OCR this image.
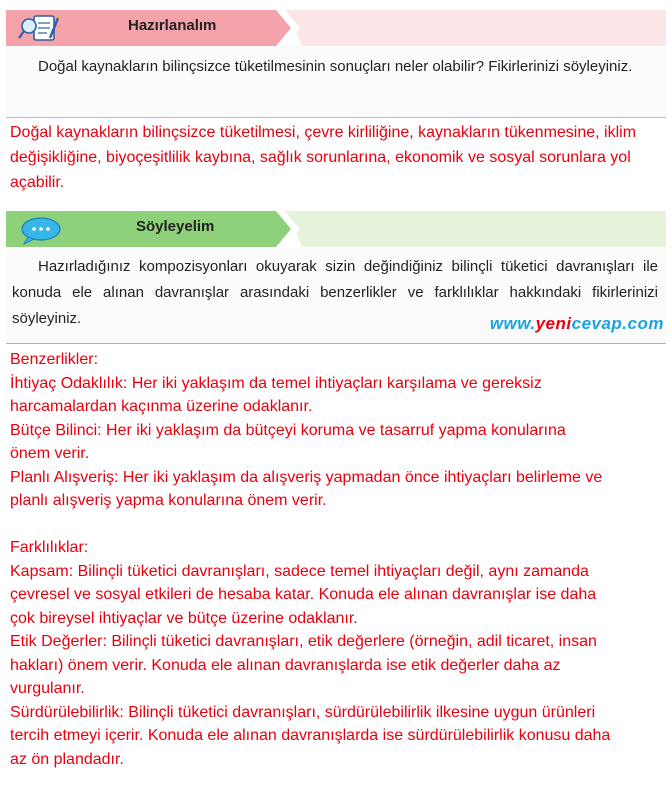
Hazırlanalım

Doğal kaynakların bilinçsizce tüketilmesinin sonuçları neler olabilir? Fikirlerinizi söyleyiniz.

Doğal kaynakların bilinçsizce tüketilmesi, çevre kirliliğine, kaynakların tükenmesine, iklim değişikliğine, biyoçeşitlilik kaybına, sağlık sorunlarına, ekonomik ve sosyal sorunlara yol açabilir.

Söyleyelim

Hazırladığınız kompozisyonları okuyarak sizin değindiğiniz bilinçli tüketici davranışları ile konuda ele alınan davranışlar arasındaki benzerlikler ve farklılıklar hakkındaki fikirlerinizi söyleyiniz.	www.yenicevap.com
Benzerlikler:
İhtiyaç Odaklılık: Her iki yaklaşım da temel ihtiyaçları karşılama ve gereksiz
harcamalardan kaçınma üzerine odaklanır.
Bütçe Bilinci: Her iki yaklaşım da bütçeyi koruma ve tasarruf yapma konularına
önem verir.
Planlı Alışveriş: Her iki yaklaşım da alışveriş yapmadan önce ihtiyaçları belirleme ve
planlı alışveriş yapma konularına önem verir.

Farklılıklar:
Kapsam: Bilinçli tüketici davranışları, sadece temel ihtiyaçları değil, aynı zamanda
çevresel ve sosyal etkileri de hesaba katar. Konuda ele alınan davranışlar ise daha
çok bireysel ihtiyaçlar ve bütçe üzerine odaklanır.
Etik Değerler: Bilinçli tüketici davranışları, etik değerlere (örneğin, adil ticaret, insan
hakları) önem verir. Konuda ele alınan davranışlarda ise etik değerler daha az
vurgulanır.
Sürdürülebilirlik: Bilinçli tüketici davranışları, sürdürülebilirlik ilkesine uygun ürünleri
tercih etmeyi içerir. Konuda ele alınan davranışlarda ise sürdürülebilirlik konusu daha
az ön plandadır.
